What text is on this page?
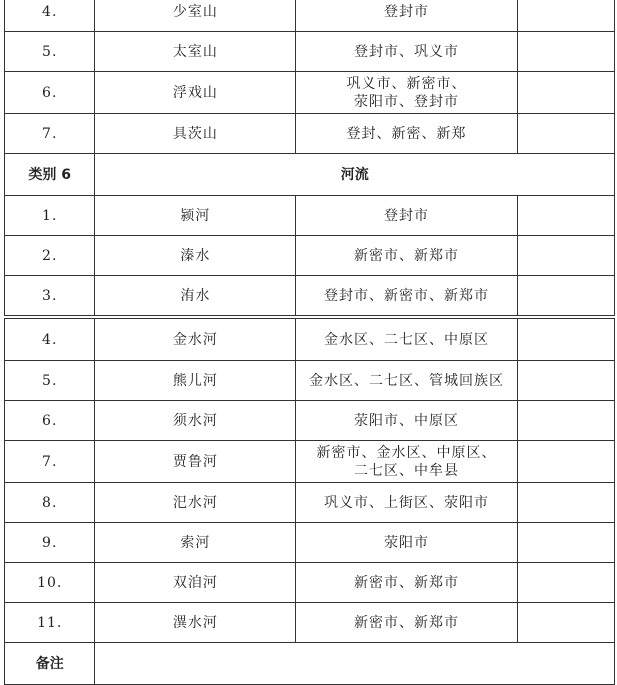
4.	少室山	登封市	
5.	太室山	登封市、巩义市	
6.	浮戏山	巩义市、新密市、
荥阳市、登封市	

7.	具茨山	登封、新密、新郑	
类别 6	河流		
1.	颍河	登封市	
2.	溱水	新密市、新郑市	
3.	洧水	登封市、新密市、新郑市	
4.	金水河	金水区、二七区、中原区	
5.	熊儿河	金水区、二七区、管城回族区	
6.	须水河	荥阳市、中原区	
7.	贾鲁河	新密市、金水区、中原区、
二七区、中牟县	

8.	汜水河	巩义市、上街区、荥阳市	
9.	索河	荥阳市	
10.	双洎河	新密市、新郑市	
11.	潩水河	新密市、新郑市	
备注			
